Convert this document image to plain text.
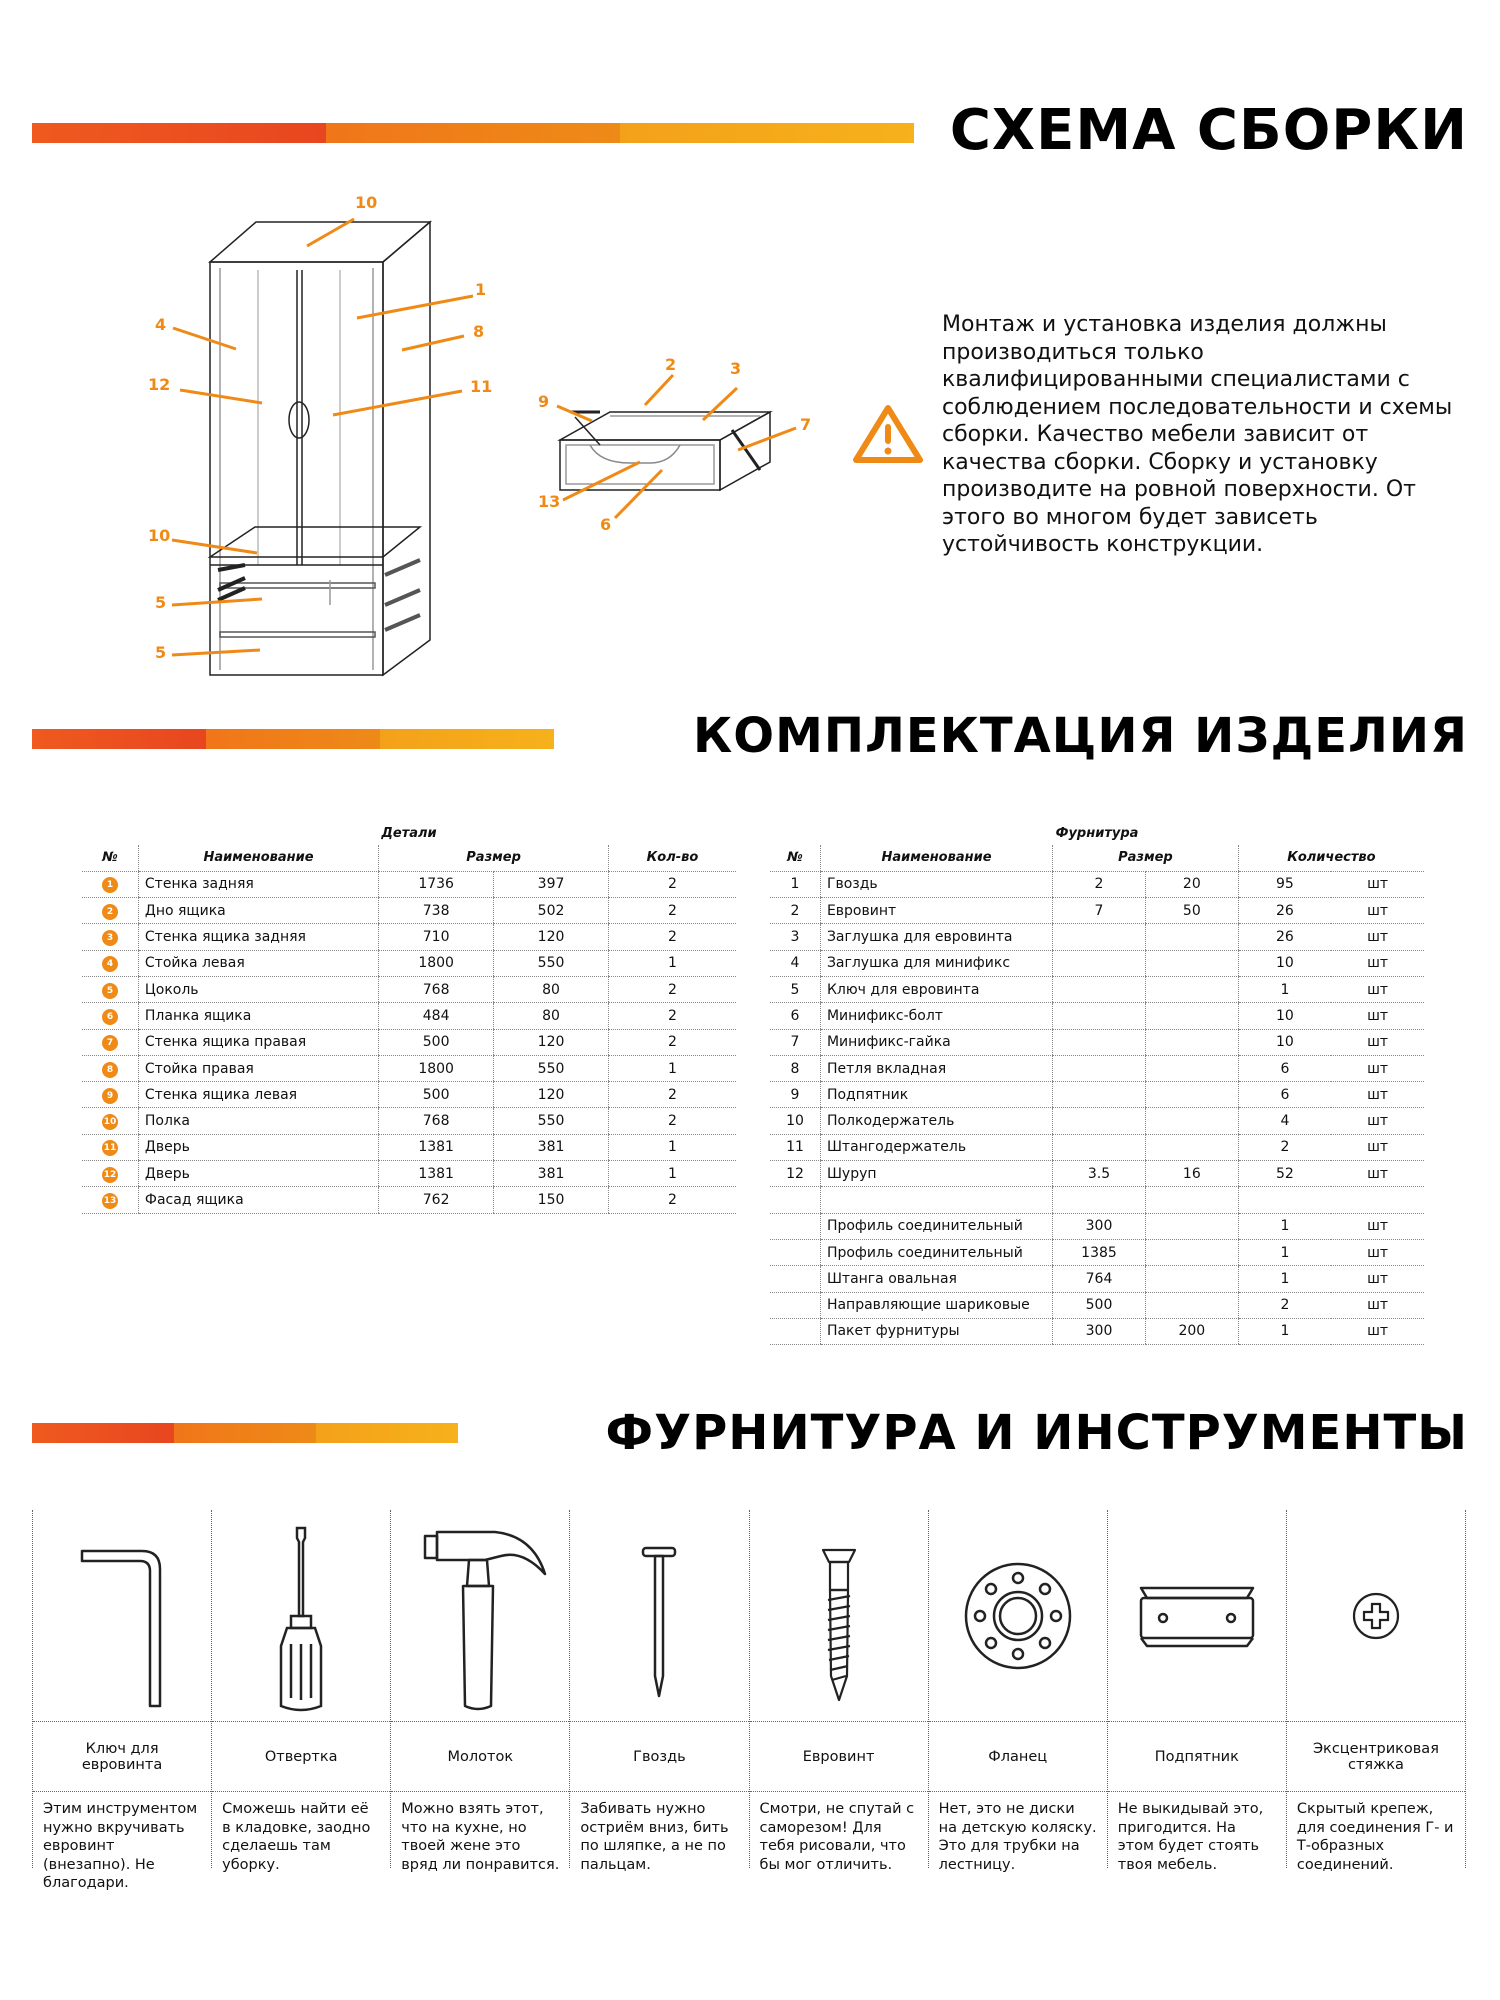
СХЕМА СБОРКИ
10
1
4	8
12	11
10
5
5
9
2	3
7
13
6
Монтаж и установка изделия должны производиться только квалифицированными специалистами с соблюдением последовательности и схемы сборки. Качество мебели зависит от качества сборки. Сборку и установку производите на ровной поверхности. От этого во многом будет зависеть устойчивость конструкции.
КОМПЛЕКТАЦИЯ ИЗДЕЛИЯ
Детали
№	Наименование	Размер		Кол-во
1	Стенка задняя	1736	397	2
2	Дно ящика	738	502	2
3	Стенка ящика задняя	710	120	2
4	Стойка левая	1800	550	1
5	Цоколь	768	80	2
6	Планка ящика	484	80	2
7	Стенка ящика правая	500	120	2
8	Стойка правая	1800	550	1
9	Стенка ящика левая	500	120	2
10	Полка	768	550	2
11	Дверь	1381	381	1
12	Дверь	1381	381	1
13	Фасад ящика	762	150	2
Фурнитура
№	Наименование	Размер		Количество	
1	Гвоздь	2	20	95	шт
2	Евровинт	7	50	26	шт
3	Заглушка для евровинта			26	шт
4	Заглушка для минификс			10	шт
5	Ключ для евровинта			1	шт
6	Минификс-болт			10	шт
7	Минификс-гайка			10	шт
8	Петля вкладная			6	шт
9	Подпятник			6	шт
10	Полкодержатель			4	шт
11	Штангодержатель			2	шт
12	Шуруп	3.5	16	52	шт

	Профиль соединительный	300		1	шт
	Профиль соединительный	1385		1	шт
	Штанга овальная	764		1	шт
	Направляющие шариковые	500		2	шт
	Пакет фурнитуры	300	200	1	шт
ФУРНИТУРА И ИНСТРУМЕНТЫ
Ключ для евровинта
Этим инструментом нужно вкручивать евровинт (внезапно). Не благодари.
Отвертка
Сможешь найти её в кладовке, заодно сделаешь там уборку.
Молоток
Можно взять этот, что на кухне, но твоей жене это вряд ли понравится.
Гвоздь
Забивать нужно остриём вниз, бить по шляпке, а не по пальцам.
Евровинт
Смотри, не спутай с саморезом! Для тебя рисовали, что бы мог отличить.
Фланец
Нет, это не диски на детскую коляску. Это для трубки на лестницу.
Подпятник
Не выкидывай это, пригодится. На этом будет стоять твоя мебель.
Эксцентриковая стяжка
Скрытый крепеж, для соединения Г- и Т-образных соединений.
